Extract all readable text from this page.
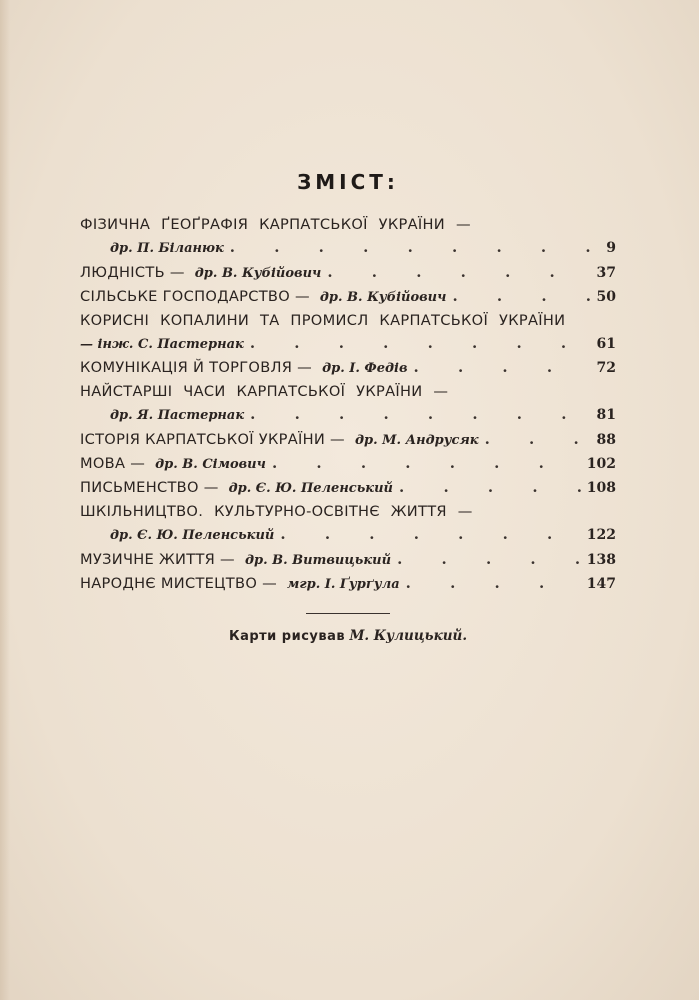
ЗМІСТ:
ФІЗИЧНА ҐЕОҐРАФІЯ КАРПАТСЬКОЇ УКРАЇНИ —
др. П. Біланюк . . .	9
ЛЮДНІСТЬ — др. В. Кубійович . . .	37
СІЛЬСЬКЕ ГОСПОДАРСТВО — др. В. Кубійович . . .	50
КОРИСНІ КОПАЛИНИ ТА ПРОМИСЛ КАРПАТСЬКОЇ УКРАЇНИ
— інж. С. Пастернак . . .	61
КОМУНІКАЦІЯ Й ТОРГОВЛЯ — др. І. Федів . . .	72
НАЙСТАРШІ ЧАСИ КАРПАТСЬКОЇ УКРАЇНИ —
др. Я. Пастернак . . .	81
ІСТОРІЯ КАРПАТСЬКОЇ УКРАЇНИ — др. М. Андрусяк . . .	88
МОВА — др. В. Сімович . . .	102
ПИСЬМЕНСТВО — др. Є. Ю. Пеленський . . .	108
ШКІЛЬНИЦТВО. КУЛЬТУРНО-ОСВІТНЄ ЖИТТЯ —
др. Є. Ю. Пеленський . . .	122
МУЗИЧНЕ ЖИТТЯ — др. В. Витвицький . . .	138
НАРОДНЄ МИСТЕЦТВО — мгр. І. Ґурґула . . .	147
Карти рисував М. Кулицький.
